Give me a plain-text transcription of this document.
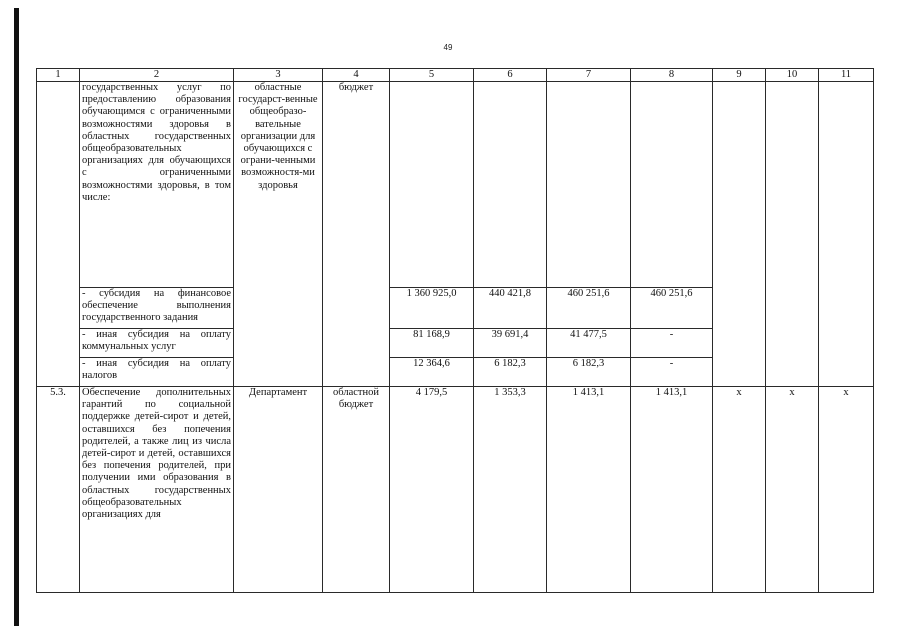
49
1	2	3	4	5	6	7	8	9	10	11
	государственных услуг по предоставлению образования обучающимся с ограниченными возможностями здоровья в областных государственных общеобразовательных организациях для обучающихся с ограниченными возможностями здоровья, в том числе:	областные государст-венные общеобразо-вательные организации для обучающихся с ограни-ченными возможностя-ми здоровья	бюджет							
	- субсидия на финансовое обеспечение выполнения государственного задания			1 360 925,0	440 421,8	460 251,6	460 251,6			
	- иная субсидия на оплату коммунальных услуг			81 168,9	39 691,4	41 477,5	-			
	- иная субсидия на оплату налогов			12 364,6	6 182,3	6 182,3	-			
5.3.	Обеспечение дополнительных гарантий по социальной поддержке детей-сирот и детей, оставшихся без попечения родителей, а также лиц из числа детей-сирот и детей, оставшихся без попечения родителей, при получении ими образования в областных государственных общеобразовательных организациях для	Департамент	областной бюджет	4 179,5	1 353,3	1 413,1	1 413,1	х	х	х
